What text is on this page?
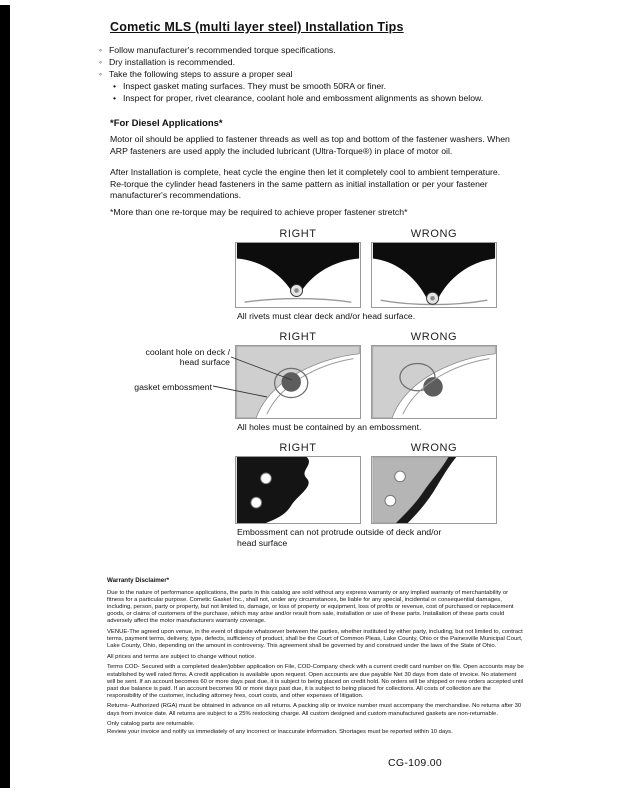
Cometic MLS (multi layer steel) Installation Tips
◦ Follow manufacturer's recommended torque specifications.
◦ Dry installation is recommended.
◦ Take the following steps to assure a proper seal
• Inspect gasket mating surfaces. They must be smooth 50RA or finer.
• Inspect for proper, rivet clearance, coolant hole and embossment alignments as shown below.
*For Diesel Applications*

Motor oil should be applied to fastener threads as well as top and bottom of the fastener washers. When ARP fasteners are used apply the included lubricant (Ultra-Torque®) in place of motor oil.

After Installation is complete, heat cycle the engine then let it completely cool to ambient temperature. Re-torque the cylinder head fasteners in the same pattern as initial installation or per your fastener manufacturer's recommendations.

*More than one re-torque may be required to achieve proper fastener stretch*

RIGHT	WRONG
All rivets must clear deck and/or head surface.
coolant hole on deck / head surface
gasket embossment
RIGHT	WRONG
All holes must be contained by an embossment.
RIGHT	WRONG
Embossment can not protrude outside of deck and/or head surface
Warranty Disclaimer*

Due to the nature of performance applications, the parts in this catalog are sold without any express warranty or any implied warranty of merchantability or fitness for a particular purpose. Cometic Gasket Inc., shall not, under any circumstances, be liable for any special, incidental or consequential damages, including, person, party or property, but not limited to, damage, or loss of property or equipment, loss of profits or revenue, cost of purchased or replacement goods, or claims of customers of the purchase, which may arise and/or result from sale, installation or use of these parts. Installation of these parts could adversely affect the motor manufacturers warranty coverage.

VENUE-The agreed upon venue, in the event of dispute whatsoever between the parties, whether instituted by either party, including, but not limited to, contract terms, payment terms, delivery, type, defects, sufficiency of product, shall be the Court of Common Pleas, Lake County, Ohio or the Painesville Municipal Court, Lake County, Ohio, depending on the amount in controversy. This agreement shall be governed by and construed under the laws of the State of Ohio.

All prices and terms are subject to change without notice.

Terms COD- Secured with a completed dealer/jobber application on File, COD-Company check with a current credit card number on file. Open accounts may be established by well rated firms. A credit application is available upon request. Open accounts are due payable Net 30 days from date of invoice. No statement will be sent. If an account becomes 60 or more days past due, it is subject to being placed on credit hold. No orders will be shipped or new orders accepted until past due balance is paid. If an account becomes 90 or more days past due, it is subject to being placed for collections. All costs of collection are the responsibility of the customer, including attorney fees, court costs, and other expenses of litigation.

Returns- Authorized (RGA) must be obtained in advance on all returns. A packing slip or invoice number must accompany the merchandise. No returns after 30 days from invoice date. All returns are subject to a 25% restocking charge. All custom designed and custom manufactured gaskets are non-returnable.

Only catalog parts are returnable.

Review your invoice and notify us immediately of any incorrect or inaccurate information. Shortages must be reported within 10 days.

CG-109.00
